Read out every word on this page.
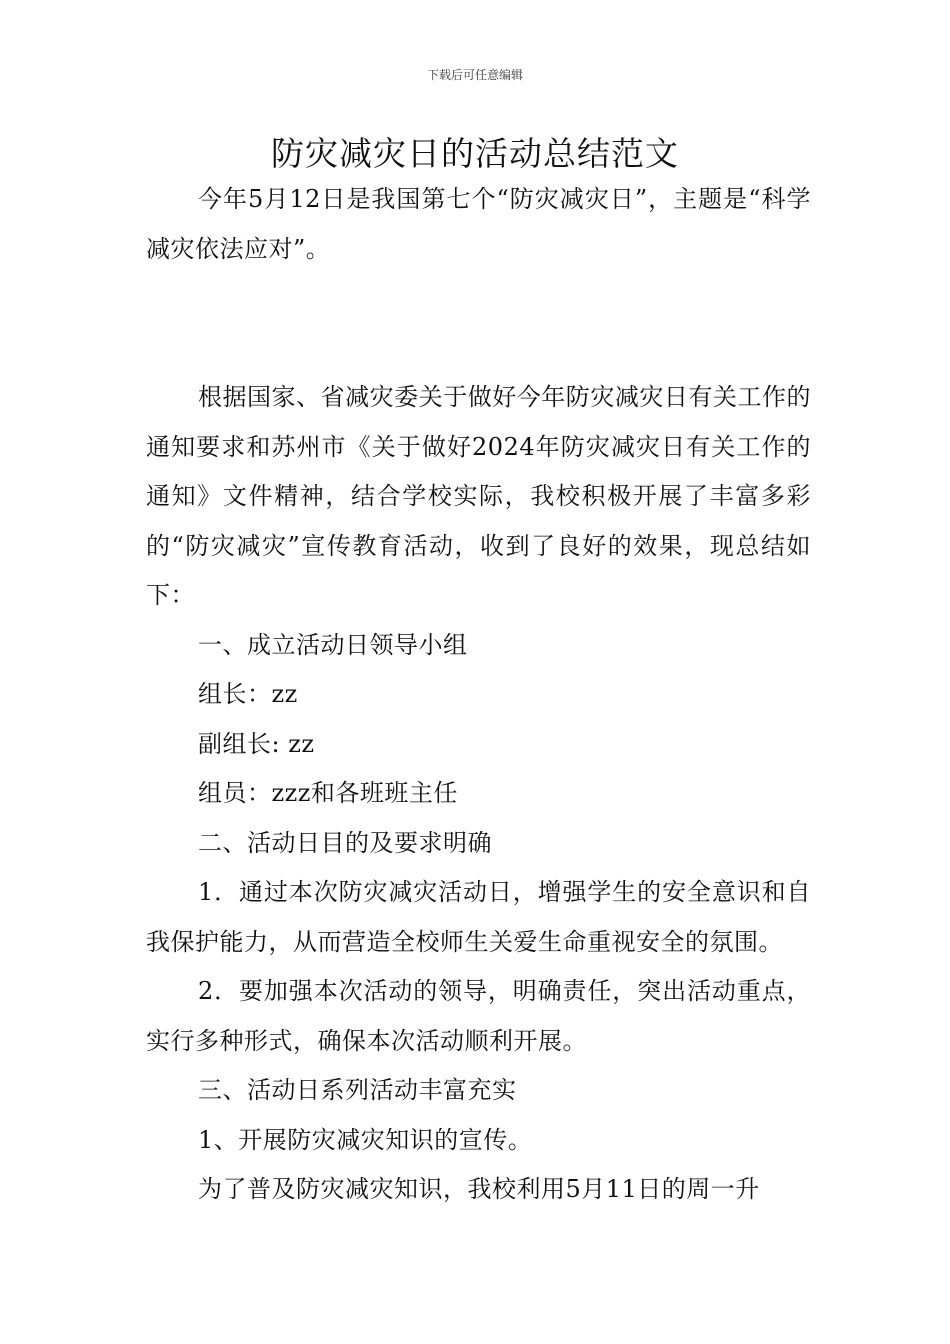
下载后可任意编辑
防灾减灾日的活动总结范文

今年5月12日是我国第七个“防灾减灾日”，主题是“科学减灾依法应对”。

根据国家、省减灾委关于做好今年防灾减灾日有关工作的通知要求和苏州市《关于做好2024年防灾减灾日有关工作的通知》文件精神，结合学校实际，我校积极开展了丰富多彩的“防灾减灾”宣传教育活动，收到了良好的效果，现总结如下：

一、成立活动日领导小组

组长：zz

副组长: zz

组员：zzz和各班班主任

二、活动日目的及要求明确

1．通过本次防灾减灾活动日，增强学生的安全意识和自我保护能力，从而营造全校师生关爱生命重视安全的氛围。

2．要加强本次活动的领导，明确责任，突出活动重点，实行多种形式，确保本次活动顺利开展。

三、活动日系列活动丰富充实

1、开展防灾减灾知识的宣传。

为了普及防灾减灾知识，我校利用5月11日的周一升
